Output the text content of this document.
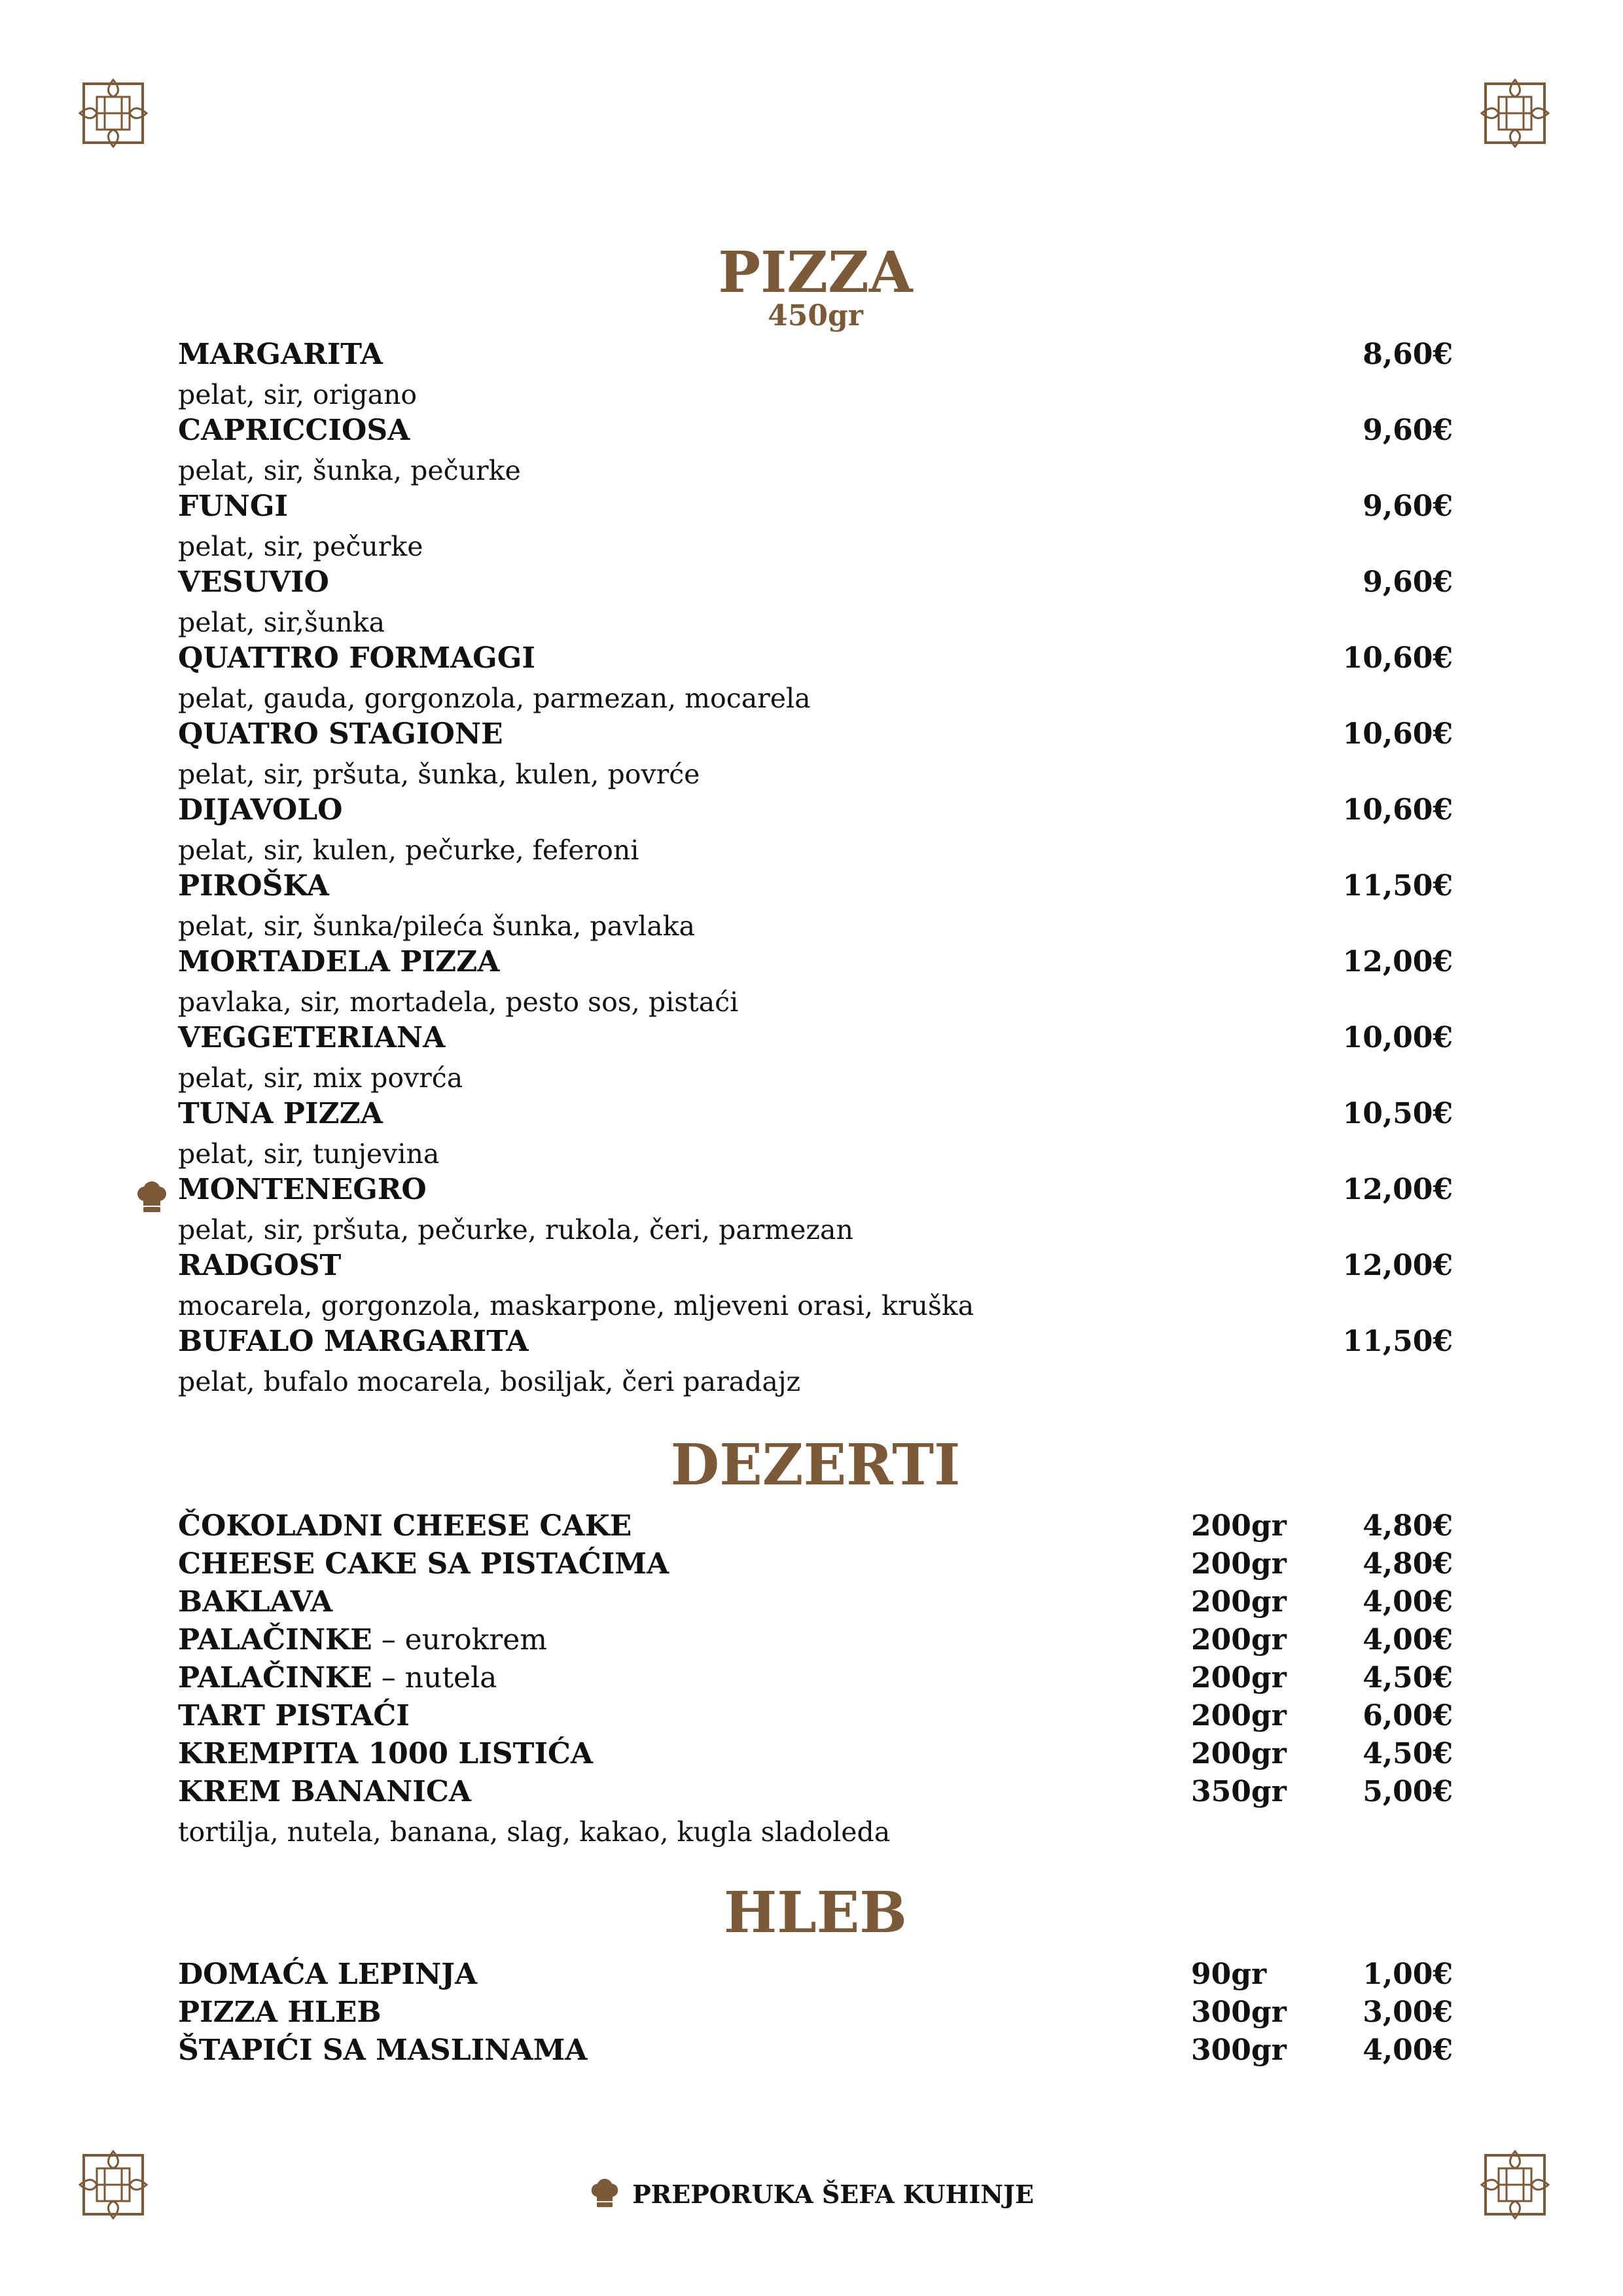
PIZZA
450gr
MARGARITA	8,60€
pelat, sir, origano
CAPRICCIOSA	9,60€
pelat, sir, šunka, pečurke
FUNGI	9,60€
pelat, sir, pečurke
VESUVIO	9,60€
pelat, sir,šunka
QUATTRO FORMAGGI	10,60€
pelat, gauda, gorgonzola, parmezan, mocarela
QUATRO STAGIONE	10,60€
pelat, sir, pršuta, šunka, kulen, povrće
DIJAVOLO	10,60€
pelat, sir, kulen, pečurke, feferoni
PIROŠKA	11,50€
pelat, sir, šunka/pileća šunka, pavlaka
MORTADELA PIZZA	12,00€
pavlaka, sir, mortadela, pesto sos, pistaći
VEGGETERIANA	10,00€
pelat, sir, mix povrća
TUNA PIZZA	10,50€
pelat, sir, tunjevina
MONTENEGRO	12,00€
pelat, sir, pršuta, pečurke, rukola, čeri, parmezan
RADGOST	12,00€
mocarela, gorgonzola, maskarpone, mljeveni orasi, kruška
BUFALO MARGARITA	11,50€
pelat, bufalo mocarela, bosiljak, čeri paradajz
DEZERTI
ČOKOLADNI CHEESE CAKE	200gr	4,80€
CHEESE CAKE SA PISTAĆIMA	200gr	4,80€
BAKLAVA	200gr	4,00€
PALAČINKE – eurokrem	200gr	4,00€
PALAČINKE – nutela	200gr	4,50€
TART PISTAĆI	200gr	6,00€
KREMPITA 1000 LISTIĆA	200gr	4,50€
KREM BANANICA	350gr	5,00€
tortilja, nutela, banana, slag, kakao, kugla sladoleda
HLEB
DOMAĆA LEPINJA	90gr	1,00€
PIZZA HLEB	300gr	3,00€
ŠTAPIĆI SA MASLINAMA	300gr	4,00€
PREPORUKA ŠEFA KUHINJE
